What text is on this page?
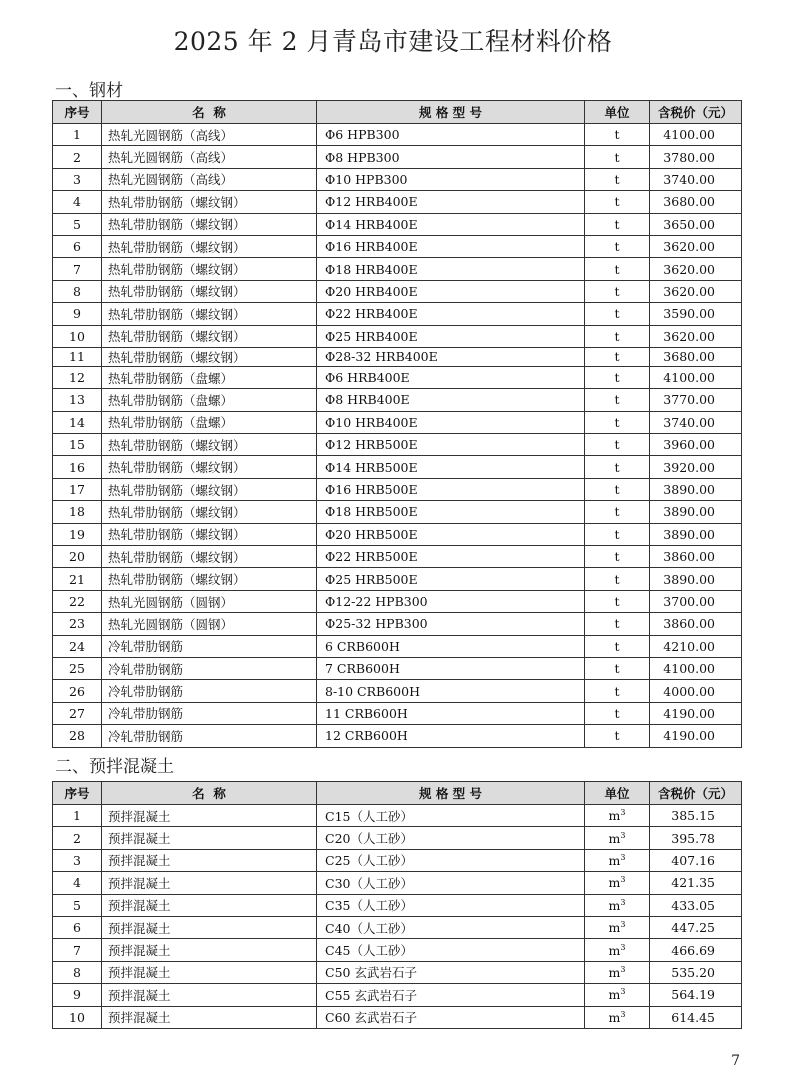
2025 年 2 月青岛市建设工程材料价格
一、钢材
序号	名  称	规 格 型 号	单位	含税价（元）
1	热轧光圆钢筋（高线）	Φ6 HPB300	t	4100.00
2	热轧光圆钢筋（高线）	Φ8 HPB300	t	3780.00
3	热轧光圆钢筋（高线）	Φ10 HPB300	t	3740.00
4	热轧带肋钢筋（螺纹钢）	Φ12 HRB400E	t	3680.00
5	热轧带肋钢筋（螺纹钢）	Φ14 HRB400E	t	3650.00
6	热轧带肋钢筋（螺纹钢）	Φ16 HRB400E	t	3620.00
7	热轧带肋钢筋（螺纹钢）	Φ18 HRB400E	t	3620.00
8	热轧带肋钢筋（螺纹钢）	Φ20 HRB400E	t	3620.00
9	热轧带肋钢筋（螺纹钢）	Φ22 HRB400E	t	3590.00
10	热轧带肋钢筋（螺纹钢）	Φ25 HRB400E	t	3620.00
11	热轧带肋钢筋（螺纹钢）	Φ28-32 HRB400E	t	3680.00
12	热轧带肋钢筋（盘螺）	Φ6 HRB400E	t	4100.00
13	热轧带肋钢筋（盘螺）	Φ8 HRB400E	t	3770.00
14	热轧带肋钢筋（盘螺）	Φ10 HRB400E	t	3740.00
15	热轧带肋钢筋（螺纹钢）	Φ12 HRB500E	t	3960.00
16	热轧带肋钢筋（螺纹钢）	Φ14 HRB500E	t	3920.00
17	热轧带肋钢筋（螺纹钢）	Φ16 HRB500E	t	3890.00
18	热轧带肋钢筋（螺纹钢）	Φ18 HRB500E	t	3890.00
19	热轧带肋钢筋（螺纹钢）	Φ20 HRB500E	t	3890.00
20	热轧带肋钢筋（螺纹钢）	Φ22 HRB500E	t	3860.00
21	热轧带肋钢筋（螺纹钢）	Φ25 HRB500E	t	3890.00
22	热轧光圆钢筋（圆钢）	Φ12-22 HPB300	t	3700.00
23	热轧光圆钢筋（圆钢）	Φ25-32 HPB300	t	3860.00
24	冷轧带肋钢筋	6 CRB600H	t	4210.00
25	冷轧带肋钢筋	7 CRB600H	t	4100.00
26	冷轧带肋钢筋	8-10 CRB600H	t	4000.00
27	冷轧带肋钢筋	11 CRB600H	t	4190.00
28	冷轧带肋钢筋	12 CRB600H	t	4190.00
二、预拌混凝土
序号	名  称	规 格 型 号	单位	含税价（元）
1	预拌混凝土	C15（人工砂）	$m^3$	385.15
2	预拌混凝土	C20（人工砂）	$m^3$	395.78
3	预拌混凝土	C25（人工砂）	$m^3$	407.16
4	预拌混凝土	C30（人工砂）	$m^3$	421.35
5	预拌混凝土	C35（人工砂）	$m^3$	433.05
6	预拌混凝土	C40（人工砂）	$m^3$	447.25
7	预拌混凝土	C45（人工砂）	$m^3$	466.69
8	预拌混凝土	C50 玄武岩石子	$m^3$	535.20
9	预拌混凝土	C55 玄武岩石子	$m^3$	564.19
10	预拌混凝土	C60 玄武岩石子	$m^3$	614.45
7
